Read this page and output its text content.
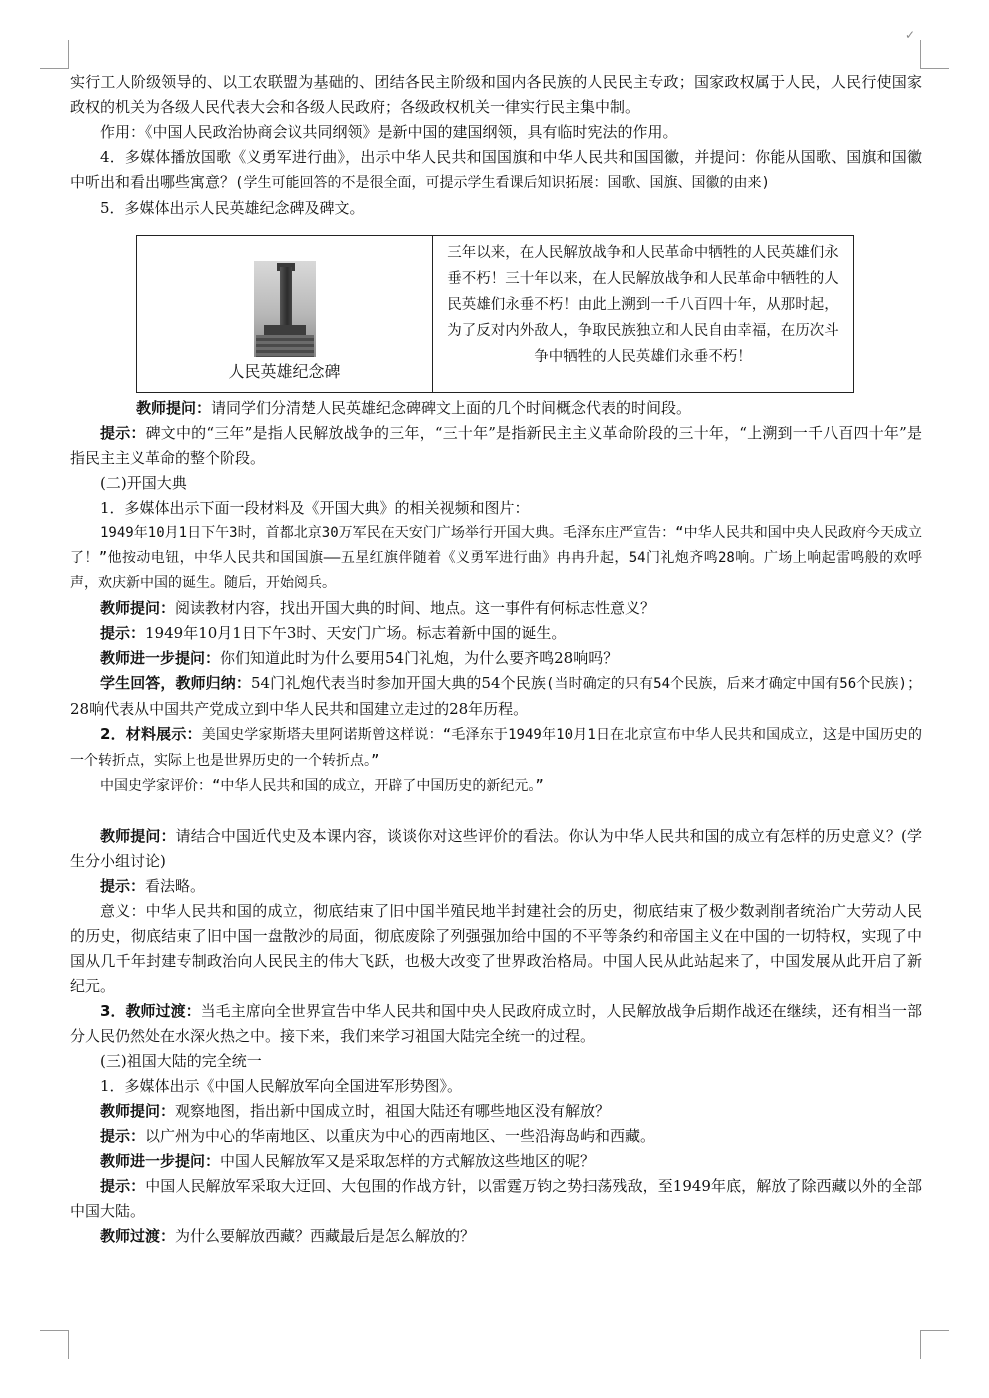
✓

实行工人阶级领导的、以工农联盟为基础的、团结各民主阶级和国内各民族的人民民主专政；国家政权属于人民，人民行使国家政权的机关为各级人民代表大会和各级人民政府；各级政权机关一律实行民主集中制。

作用：《中国人民政治协商会议共同纲领》是新中国的建国纲领，具有临时宪法的作用。

4．多媒体播放国歌《义勇军进行曲》，出示中华人民共和国国旗和中华人民共和国国徽，并提问：你能从国歌、国旗和国徽中听出和看出哪些寓意？(学生可能回答的不是很全面，可提示学生看课后知识拓展：国歌、国旗、国徽的由来)

5．多媒体出示人民英雄纪念碑及碑文。

人民英雄纪念碑
三年以来，在人民解放战争和人民革命中牺牲的人民英雄们永垂不朽！三十年以来，在人民解放战争和人民革命中牺牲的人民英雄们永垂不朽！由此上溯到一千八百四十年，从那时起，为了反对内外敌人，争取民族独立和人民自由幸福，在历次斗争中牺牲的人民英雄们永垂不朽！

教师提问：请同学们分清楚人民英雄纪念碑碑文上面的几个时间概念代表的时间段。

提示：碑文中的“三年”是指人民解放战争的三年，“三十年”是指新民主主义革命阶段的三十年，“上溯到一千八百四十年”是指民主主义革命的整个阶段。

(二)开国大典

1．多媒体出示下面一段材料及《开国大典》的相关视频和图片：

1949年10月1日下午3时，首都北京30万军民在天安门广场举行开国大典。毛泽东庄严宣告：“中华人民共和国中央人民政府今天成立了！”他按动电钮，中华人民共和国国旗——五星红旗伴随着《义勇军进行曲》冉冉升起，54门礼炮齐鸣28响。广场上响起雷鸣般的欢呼声，欢庆新中国的诞生。随后，开始阅兵。

教师提问：阅读教材内容，找出开国大典的时间、地点。这一事件有何标志性意义？

提示：1949年10月1日下午3时、天安门广场。标志着新中国的诞生。

教师进一步提问：你们知道此时为什么要用54门礼炮，为什么要齐鸣28响吗？

学生回答，教师归纳：54门礼炮代表当时参加开国大典的54个民族(当时确定的只有54个民族，后来才确定中国有56个民族)；28响代表从中国共产党成立到中华人民共和国建立走过的28年历程。

2．材料展示：美国史学家斯塔夫里阿诺斯曾这样说：“毛泽东于1949年10月1日在北京宣布中华人民共和国成立，这是中国历史的一个转折点，实际上也是世界历史的一个转折点。”

中国史学家评价：“中华人民共和国的成立，开辟了中国历史的新纪元。”

教师提问：请结合中国近代史及本课内容，谈谈你对这些评价的看法。你认为中华人民共和国的成立有怎样的历史意义？(学生分小组讨论)

提示：看法略。

意义：中华人民共和国的成立，彻底结束了旧中国半殖民地半封建社会的历史，彻底结束了极少数剥削者统治广大劳动人民的历史，彻底结束了旧中国一盘散沙的局面，彻底废除了列强强加给中国的不平等条约和帝国主义在中国的一切特权，实现了中国从几千年封建专制政治向人民民主的伟大飞跃，也极大改变了世界政治格局。中国人民从此站起来了，中国发展从此开启了新纪元。

3．教师过渡：当毛主席向全世界宣告中华人民共和国中央人民政府成立时，人民解放战争后期作战还在继续，还有相当一部分人民仍然处在水深火热之中。接下来，我们来学习祖国大陆完全统一的过程。

(三)祖国大陆的完全统一

1．多媒体出示《中国人民解放军向全国进军形势图》。

教师提问：观察地图，指出新中国成立时，祖国大陆还有哪些地区没有解放？

提示：以广州为中心的华南地区、以重庆为中心的西南地区、一些沿海岛屿和西藏。

教师进一步提问：中国人民解放军又是采取怎样的方式解放这些地区的呢？

提示：中国人民解放军采取大迂回、大包围的作战方针，以雷霆万钧之势扫荡残敌，至1949年底，解放了除西藏以外的全部中国大陆。

教师过渡：为什么要解放西藏？西藏最后是怎么解放的？
